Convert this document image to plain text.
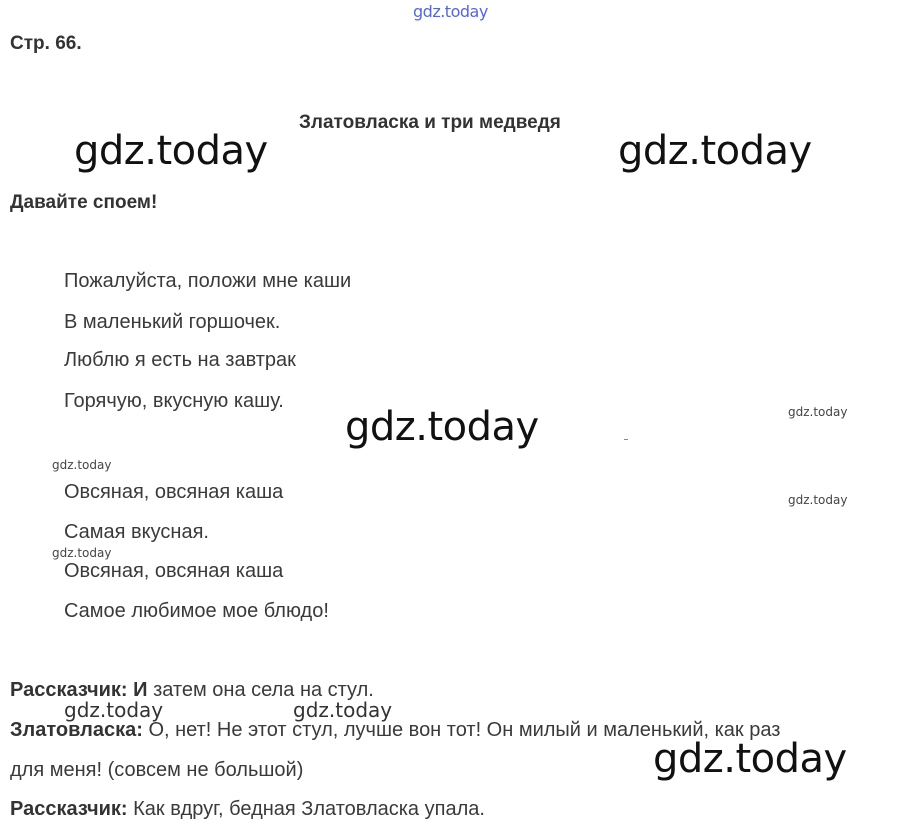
gdz.today
gdz.today	gdz.today
gdz.today	gdz.today
gdz.today
gdz.today
gdz.today
gdz.today	gdz.today
gdz.today
Стр. 66.
Златовласка и три медведя
Давайте споем!
Пожалуйста, положи мне каши
В маленький горшочек.
Люблю я есть на завтрак
Горячую, вкусную кашу.
Овсяная, овсяная каша
Самая вкусная.
Овсяная, овсяная каша
Самое любимое мое блюдо!
Рассказчик: И затем она села на стул.
Златовласка: О, нет! Не этот стул, лучше вон тот! Он милый и маленький, как раз
для меня! (совсем не большой)
Рассказчик: Как вдруг, бедная Златовласка упала.
